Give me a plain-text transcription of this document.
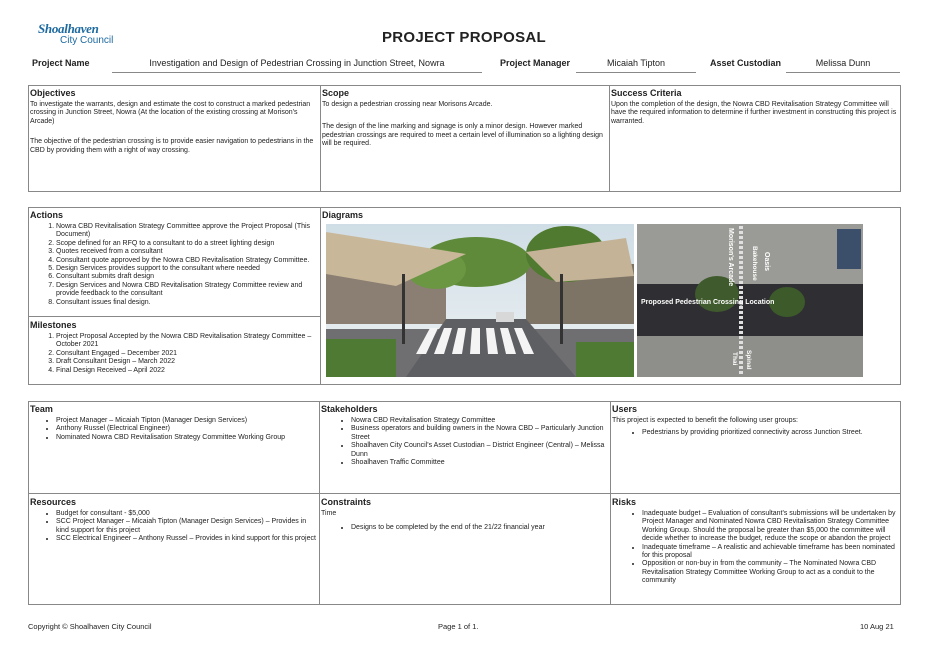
Shoalhaven
City Council	PROJECT PROPOSAL
Project Name	Investigation and Design of Pedestrian Crossing in Junction Street, Nowra	Project Manager	Micaiah Tipton	Asset Custodian	Melissa Dunn
Objectives

To investigate the warrants, design and estimate the cost to construct a marked pedestrian crossing in Junction Street, Nowra (At the location of the existing crossing at Morison's Arcade)

The objective of the pedestrian crossing is to provide easier navigation to pedestrians in the CBD by providing them with a right of way crossing.

Scope

To design a pedestrian crossing near Morisons Arcade.

The design of the line marking and signage is only a minor design. However marked pedestrian crossings are required to meet a certain level of illumination so a lighting design will be required.

Success Criteria

Upon the completion of the design, the Nowra CBD Revitalisation Strategy Committee will have the required information to determine if further investment in constructing this project is warranted.

Actions
1. Nowra CBD Revitalisation Strategy Committee approve the Project Proposal (This Document)
2. Scope defined for an RFQ to a consultant to do a street lighting design
3. Quotes received from a consultant
4. Consultant quote approved by the Nowra CBD Revitalisation Strategy Committee.
5. Design Services provides support to the consultant where needed
6. Consultant submits draft design
7. Design Services and Nowra CBD Revitalisation Strategy Committee review and provide feedback to the consultant
8. Consultant issues final design.
Milestones
1. Project Proposal Accepted by the Nowra CBD Revitalisation Strategy Committee – October 2021
2. Consultant Engaged – December 2021
3. Draft Consultant Design – March 2022
4. Final Design Received – April 2022
Diagrams
Morison's Arcade	Bakehouse Oasis
Proposed Pedestrian Crossing Location
Thai Spinal
Team
• Project Manager – Micaiah Tipton (Manager Design Services)
• Anthony Russel (Electrical Engineer)
• Nominated Nowra CBD Revitalisation Strategy Committee Working Group
Stakeholders
• Nowra CBD Revitalisation Strategy Committee
• Business operators and building owners in the Nowra CBD – Particularly Junction Street
• Shoalhaven City Council's Asset Custodian – District Engineer (Central) – Melissa Dunn
• Shoalhaven Traffic Committee
Users

This project is expected to benefit the following user groups:

• Pedestrians by providing prioritized connectivity across Junction Street.
Resources
• Budget for consultant - $5,000
• SCC Project Manager – Micaiah Tipton (Manager Design Services) – Provides in kind support for this project
• SCC Electrical Engineer – Anthony Russel – Provides in kind support for this project
Constraints

Time

• Designs to be completed by the end of the 21/22 financial year
Risks
• Inadequate budget – Evaluation of consultant's submissions will be undertaken by Project Manager and Nominated Nowra CBD Revitalisation Strategy Committee Working Group. Should the proposal be greater than $5,000 the committee will decide whether to increase the budget, reduce the scope or abandon the project
• Inadequate timeframe – A realistic and achievable timeframe has been nominated for this proposal
• Opposition or non-buy in from the community – The Nominated Nowra CBD Revitalisation Strategy Committee Working Group to act as a conduit to the community
Copyright © Shoalhaven City Council	Page 1 of 1.	10 Aug 21
